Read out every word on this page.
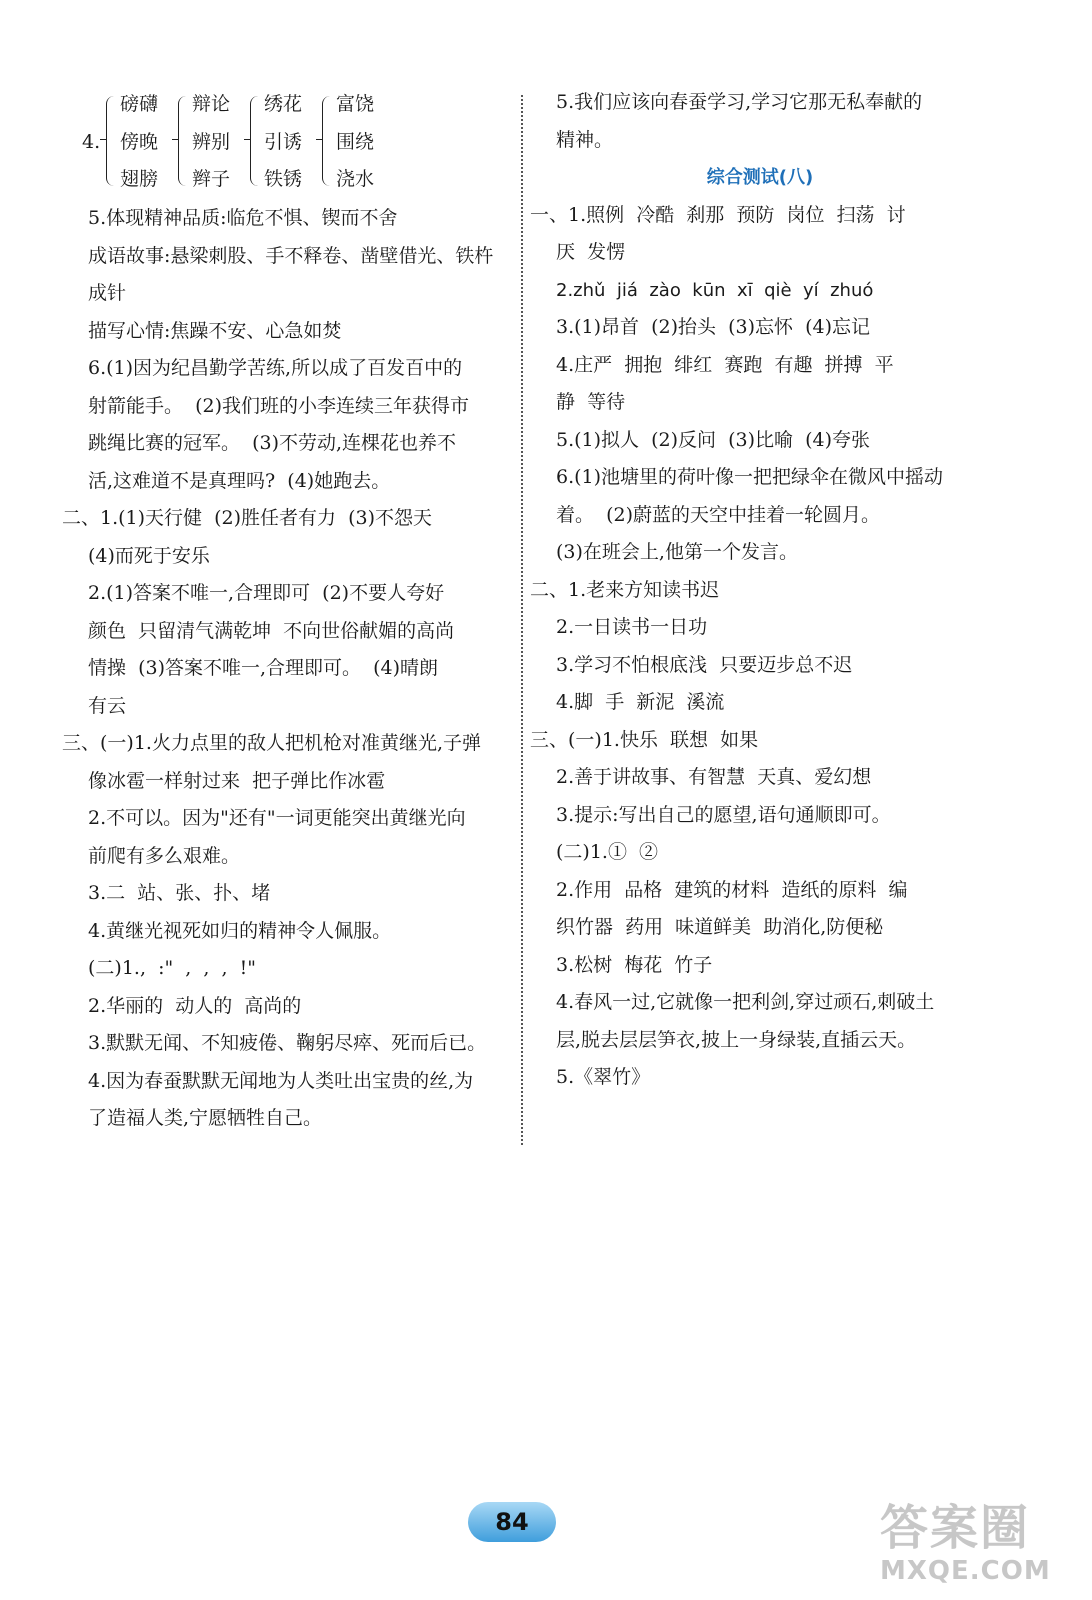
4.
磅礴
傍晚
翅膀
辩论
辨别
辫子
绣花
引诱
铁锈
富饶
围绕
浇水
5.体现精神品质:临危不惧、锲而不舍
成语故事:悬梁刺股、手不释卷、凿壁借光、铁杵
成针
描写心情:焦躁不安、心急如焚
6.(1)因为纪昌勤学苦练,所以成了百发百中的
射箭能手。  (2)我们班的小李连续三年获得市
跳绳比赛的冠军。  (3)不劳动,连棵花也养不
活,这难道不是真理吗?  (4)她跑去。
二、1.(1)天行健  (2)胜任者有力  (3)不怨天
(4)而死于安乐
2.(1)答案不唯一,合理即可  (2)不要人夸好
颜色  只留清气满乾坤  不向世俗献媚的高尚
情操  (3)答案不唯一,合理即可。  (4)晴朗
有云
三、(一)1.火力点里的敌人把机枪对准黄继光,子弹
像冰雹一样射过来  把子弹比作冰雹
2.不可以。因为"还有"一词更能突出黄继光向
前爬有多么艰难。
3.二  站、张、扑、堵
4.黄继光视死如归的精神令人佩服。
(二)1.,  :"  ,  ,  ,  !"
2.华丽的  动人的  高尚的
3.默默无闻、不知疲倦、鞠躬尽瘁、死而后已。
4.因为春蚕默默无闻地为人类吐出宝贵的丝,为
了造福人类,宁愿牺牲自己。
5.我们应该向春蚕学习,学习它那无私奉献的
精神。
综合测试(八)
一、1.照例  冷酷  刹那  预防  岗位  扫荡  讨
厌  发愣
2.zhǔ  jiá  zào  kūn  xī  qiè  yí  zhuó
3.(1)昂首  (2)抬头  (3)忘怀  (4)忘记
4.庄严  拥抱  绯红  赛跑  有趣  拼搏  平
静  等待
5.(1)拟人  (2)反问  (3)比喻  (4)夸张
6.(1)池塘里的荷叶像一把把绿伞在微风中摇动
着。  (2)蔚蓝的天空中挂着一轮圆月。
(3)在班会上,他第一个发言。
二、1.老来方知读书迟
2.一日读书一日功
3.学习不怕根底浅  只要迈步总不迟
4.脚  手  新泥  溪流
三、(一)1.快乐  联想  如果
2.善于讲故事、有智慧  天真、爱幻想
3.提示:写出自己的愿望,语句通顺即可。
(二)1.①  ②
2.作用  品格  建筑的材料  造纸的原料  编
织竹器  药用  味道鲜美  助消化,防便秘
3.松树  梅花  竹子
4.春风一过,它就像一把利剑,穿过顽石,刺破土
层,脱去层层笋衣,披上一身绿装,直插云天。
5.《翠竹》
84	答案圈
MXQE.COM
